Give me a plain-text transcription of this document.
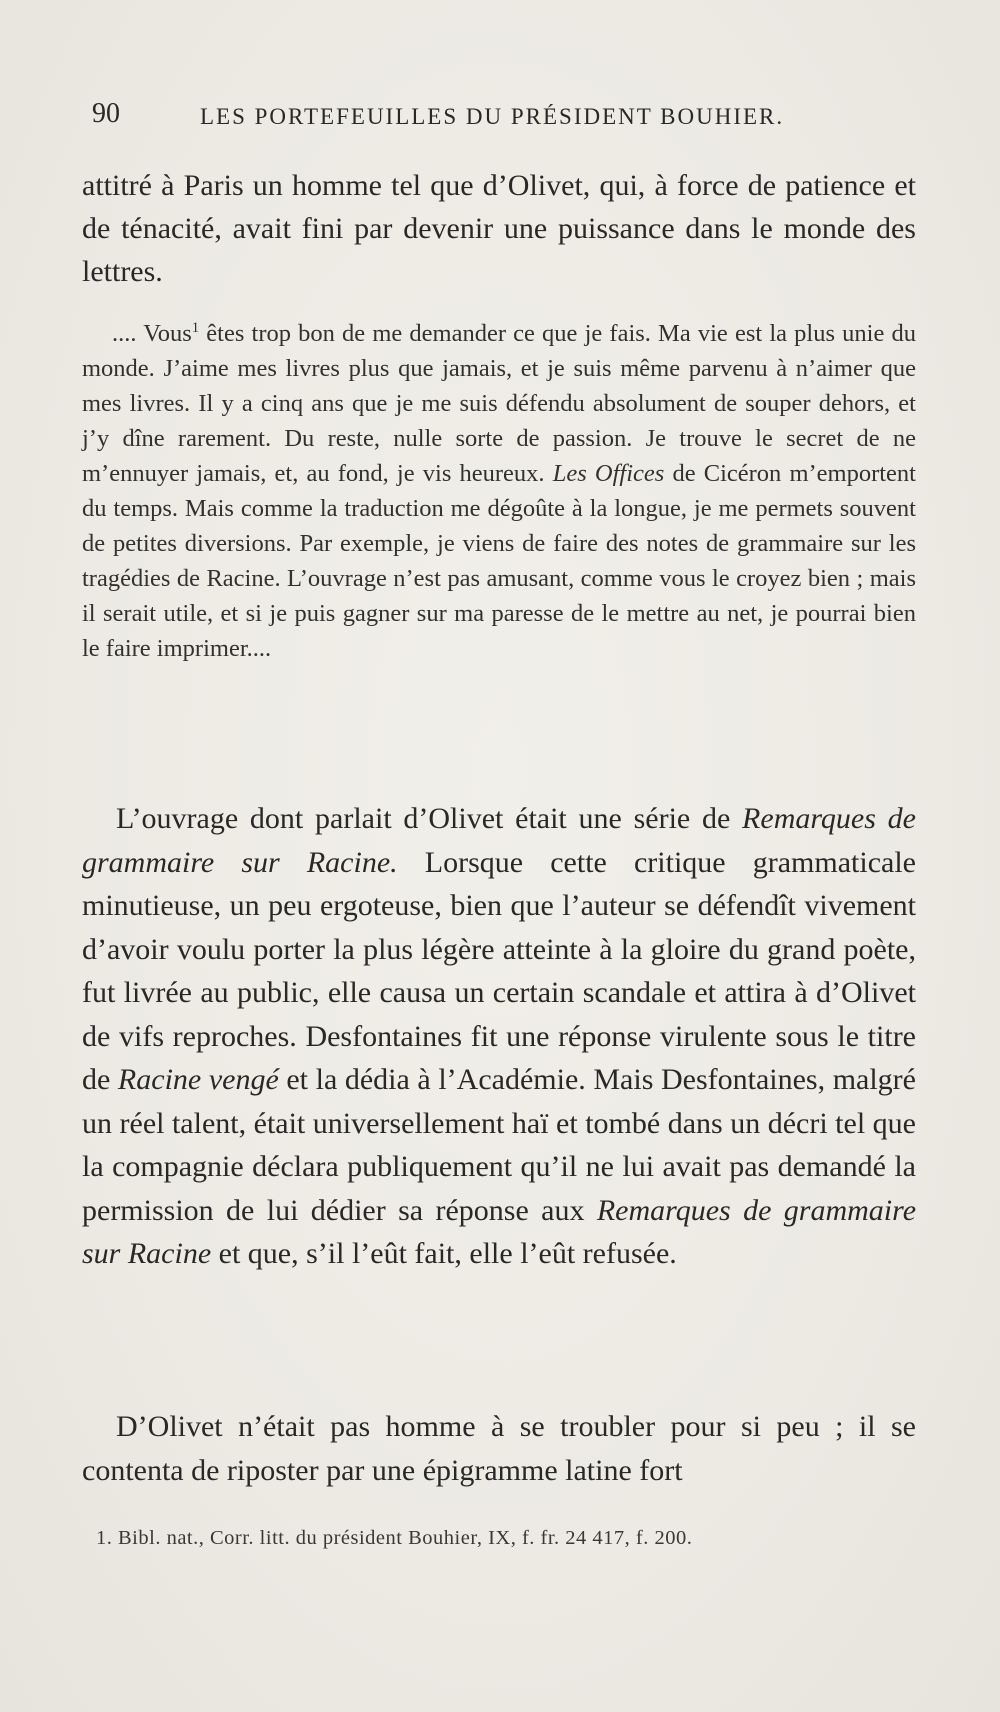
90	LES PORTEFEUILLES DU PRÉSIDENT BOUHIER.

attitré à Paris un homme tel que d’Olivet, qui, à force de patience et de ténacité, avait fini par devenir une puissance dans le monde des lettres.

.... Vous$^1$ êtes trop bon de me demander ce que je fais. Ma vie est la plus unie du monde. J’aime mes livres plus que jamais, et je suis même parvenu à n’aimer que mes livres. Il y a cinq ans que je me suis défendu absolument de souper dehors, et j’y dîne rarement. Du reste, nulle sorte de passion. Je trouve le secret de ne m’ennuyer jamais, et, au fond, je vis heureux. Les Offices de Cicéron m’emportent du temps. Mais comme la traduction me dégoûte à la longue, je me permets souvent de petites diversions. Par exemple, je viens de faire des notes de grammaire sur les tragédies de Racine. L’ouvrage n’est pas amusant, comme vous le croyez bien ; mais il serait utile, et si je puis gagner sur ma paresse de le mettre au net, je pourrai bien le faire imprimer....

L’ouvrage dont parlait d’Olivet était une série de Remarques de grammaire sur Racine. Lorsque cette critique grammaticale minutieuse, un peu ergoteuse, bien que l’auteur se défendît vivement d’avoir voulu porter la plus légère atteinte à la gloire du grand poète, fut livrée au public, elle causa un certain scandale et attira à d’Olivet de vifs reproches. Desfontaines fit une réponse virulente sous le titre de Racine vengé et la dédia à l’Académie. Mais Desfontaines, malgré un réel talent, était universellement haï et tombé dans un décri tel que la compagnie déclara publiquement qu’il ne lui avait pas demandé la permission de lui dédier sa réponse aux Remarques de grammaire sur Racine et que, s’il l’eût fait, elle l’eût refusée.

D’Olivet n’était pas homme à se troubler pour si peu ; il se contenta de riposter par une épigramme latine fort

1. Bibl. nat., Corr. litt. du président Bouhier, IX, f. fr. 24 417, f. 200.
